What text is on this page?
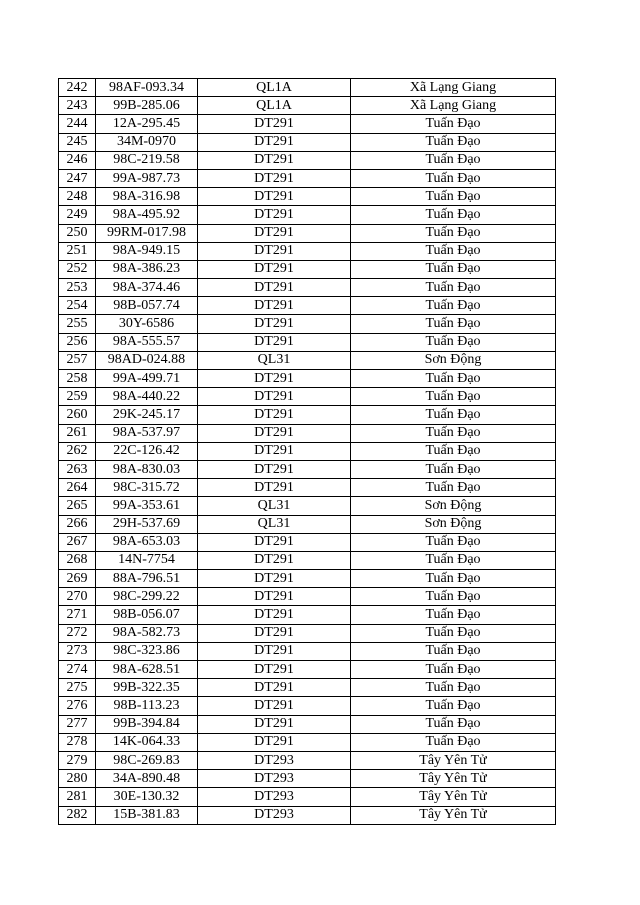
242	98AF-093.34	QL1A	Xã Lạng Giang
243	99B-285.06	QL1A	Xã Lạng Giang
244	12A-295.45	DT291	Tuấn Đạo
245	34M-0970	DT291	Tuấn Đạo
246	98C-219.58	DT291	Tuấn Đạo
247	99A-987.73	DT291	Tuấn Đạo
248	98A-316.98	DT291	Tuấn Đạo
249	98A-495.92	DT291	Tuấn Đạo
250	99RM-017.98	DT291	Tuấn Đạo
251	98A-949.15	DT291	Tuấn Đạo
252	98A-386.23	DT291	Tuấn Đạo
253	98A-374.46	DT291	Tuấn Đạo
254	98B-057.74	DT291	Tuấn Đạo
255	30Y-6586	DT291	Tuấn Đạo
256	98A-555.57	DT291	Tuấn Đạo
257	98AD-024.88	QL31	Sơn Động
258	99A-499.71	DT291	Tuấn Đạo
259	98A-440.22	DT291	Tuấn Đạo
260	29K-245.17	DT291	Tuấn Đạo
261	98A-537.97	DT291	Tuấn Đạo
262	22C-126.42	DT291	Tuấn Đạo
263	98A-830.03	DT291	Tuấn Đạo
264	98C-315.72	DT291	Tuấn Đạo
265	99A-353.61	QL31	Sơn Động
266	29H-537.69	QL31	Sơn Động
267	98A-653.03	DT291	Tuấn Đạo
268	14N-7754	DT291	Tuấn Đạo
269	88A-796.51	DT291	Tuấn Đạo
270	98C-299.22	DT291	Tuấn Đạo
271	98B-056.07	DT291	Tuấn Đạo
272	98A-582.73	DT291	Tuấn Đạo
273	98C-323.86	DT291	Tuấn Đạo
274	98A-628.51	DT291	Tuấn Đạo
275	99B-322.35	DT291	Tuấn Đạo
276	98B-113.23	DT291	Tuấn Đạo
277	99B-394.84	DT291	Tuấn Đạo
278	14K-064.33	DT291	Tuấn Đạo
279	98C-269.83	DT293	Tây Yên Tử
280	34A-890.48	DT293	Tây Yên Tử
281	30E-130.32	DT293	Tây Yên Tử
282	15B-381.83	DT293	Tây Yên Tử
